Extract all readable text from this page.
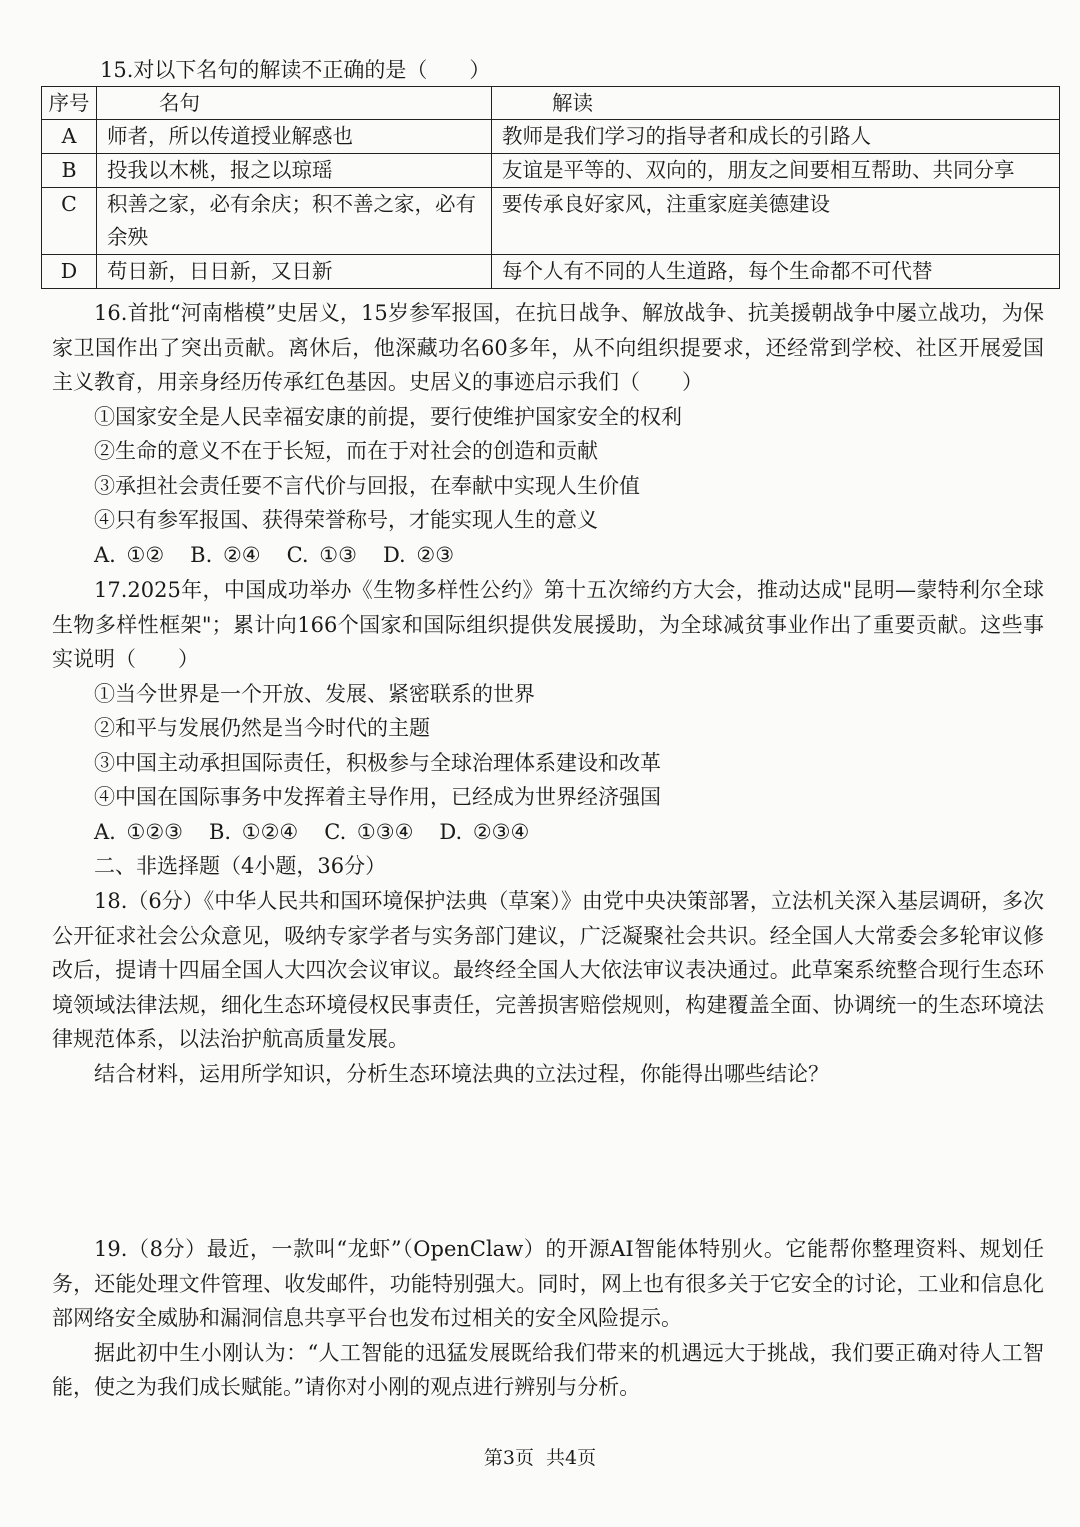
15.对以下名句的解读不正确的是（　　）
序号	名句	解读
A	师者，所以传道授业解惑也	教师是我们学习的指导者和成长的引路人
B	投我以木桃，报之以琼瑶	友谊是平等的、双向的，朋友之间要相互帮助、共同分享
C	积善之家，必有余庆；积不善之家，必有余殃	要传承良好家风，注重家庭美德建设
D	苟日新，日日新，又日新	每个人有不同的人生道路，每个生命都不可代替

16.首批“河南楷模”史居义，15岁参军报国，在抗日战争、解放战争、抗美援朝战争中屡立战功，为保家卫国作出了突出贡献。离休后，他深藏功名60多年，从不向组织提要求，还经常到学校、社区开展爱国主义教育，用亲身经历传承红色基因。史居义的事迹启示我们（　　）

①国家安全是人民幸福安康的前提，要行使维护国家安全的权利

②生命的意义不在于长短，而在于对社会的创造和贡献

③承担社会责任要不言代价与回报，在奉献中实现人生价值

④只有参军报国、获得荣誉称号，才能实现人生的意义

A. ①② B. ②④ C. ①③ D. ②③

17.2025年，中国成功举办《生物多样性公约》第十五次缔约方大会，推动达成"昆明—蒙特利尔全球生物多样性框架"；累计向166个国家和国际组织提供发展援助，为全球减贫事业作出了重要贡献。这些事实说明（　　）

①当今世界是一个开放、发展、紧密联系的世界

②和平与发展仍然是当今时代的主题

③中国主动承担国际责任，积极参与全球治理体系建设和改革

④中国在国际事务中发挥着主导作用，已经成为世界经济强国

A. ①②③ B. ①②④ C. ①③④ D. ②③④

二、非选择题（4小题，36分）

18.（6分）《中华人民共和国环境保护法典（草案）》由党中央决策部署，立法机关深入基层调研，多次公开征求社会公众意见，吸纳专家学者与实务部门建议，广泛凝聚社会共识。经全国人大常委会多轮审议修改后，提请十四届全国人大四次会议审议。最终经全国人大依法审议表决通过。此草案系统整合现行生态环境领域法律法规，细化生态环境侵权民事责任，完善损害赔偿规则，构建覆盖全面、协调统一的生态环境法律规范体系，以法治护航高质量发展。

结合材料，运用所学知识，分析生态环境法典的立法过程，你能得出哪些结论？

19.（8分）最近，一款叫“龙虾”（OpenClaw）的开源AI智能体特别火。它能帮你整理资料、规划任务，还能处理文件管理、收发邮件，功能特别强大。同时，网上也有很多关于它安全的讨论，工业和信息化部网络安全威胁和漏洞信息共享平台也发布过相关的安全风险提示。

据此初中生小刚认为：“人工智能的迅猛发展既给我们带来的机遇远大于挑战，我们要正确对待人工智能，使之为我们成长赋能。”请你对小刚的观点进行辨别与分析。

第3页 共4页
